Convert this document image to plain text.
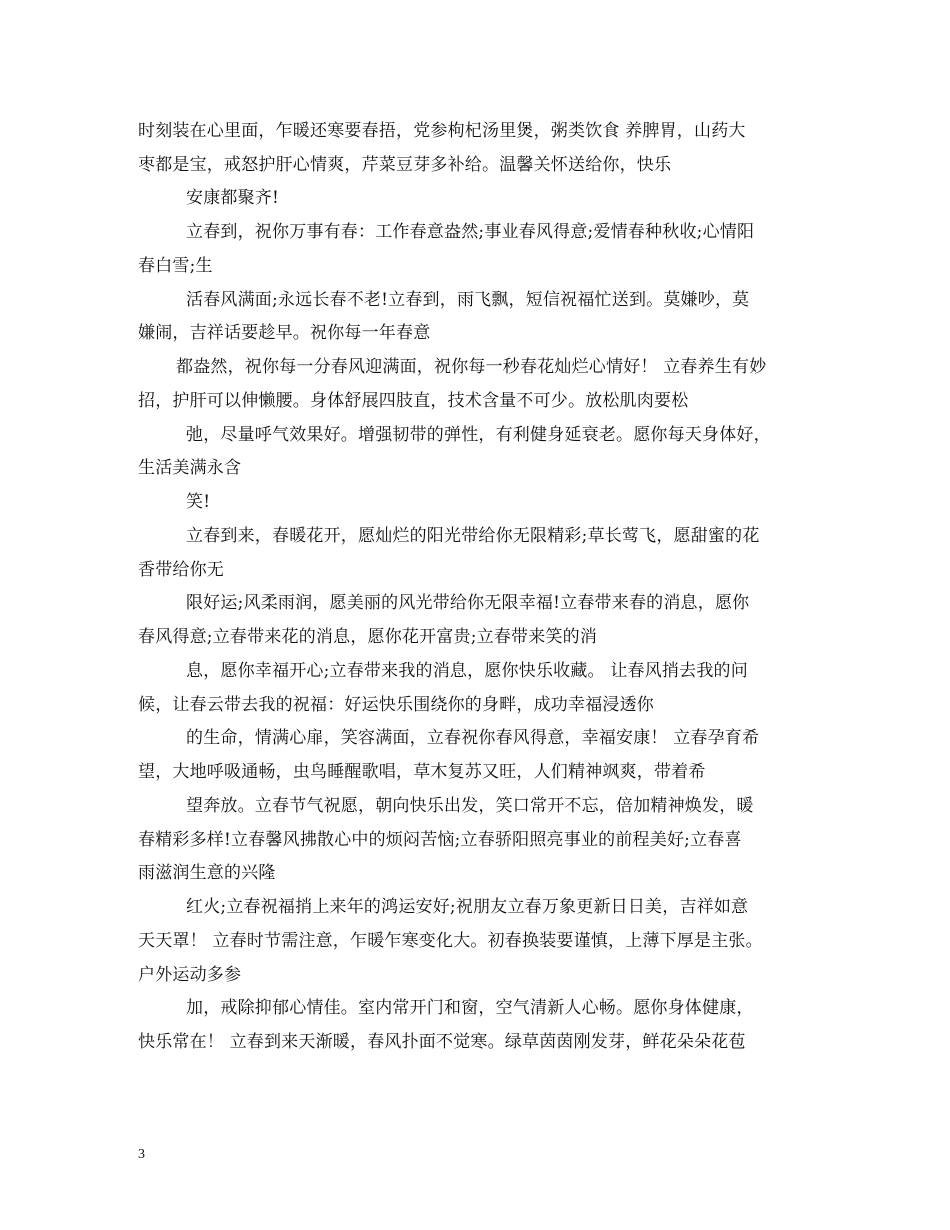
时刻装在心里面，乍暖还寒要春捂，党参枸杞汤里煲，粥类饮食 养脾胃，山药大
枣都是宝，戒怒护肝心情爽，芹菜豆芽多补给。温馨关怀送给你，快乐
安康都聚齐!
立春到，祝你万事有春：工作春意盎然;事业春风得意;爱情春种秋收;心情阳
春白雪;生
活春风满面;永远长春不老!立春到，雨飞飘，短信祝福忙送到。莫嫌吵，莫
嫌闹，吉祥话要趁早。祝你每一年春意
都盎然，祝你每一分春风迎满面，祝你每一秒春花灿烂心情好！ 立春养生有妙
招，护肝可以伸懒腰。身体舒展四肢直，技术含量不可少。放松肌肉要松
弛，尽量呼气效果好。增强韧带的弹性，有利健身延衰老。愿你每天身体好，
生活美满永含
笑!
立春到来，春暖花开，愿灿烂的阳光带给你无限精彩;草长莺飞，愿甜蜜的花
香带给你无
限好运;风柔雨润，愿美丽的风光带给你无限幸福!立春带来春的消息，愿你
春风得意;立春带来花的消息，愿你花开富贵;立春带来笑的消
息，愿你幸福开心;立春带来我的消息，愿你快乐收藏。 让春风捎去我的问
候，让春云带去我的祝福：好运快乐围绕你的身畔，成功幸福浸透你
的生命，情满心扉，笑容满面，立春祝你春风得意，幸福安康！ 立春孕育希
望，大地呼吸通畅，虫鸟睡醒歌唱，草木复苏又旺，人们精神飒爽，带着希
望奔放。立春节气祝愿，朝向快乐出发，笑口常开不忘，倍加精神焕发，暖
春精彩多样!立春馨风拂散心中的烦闷苦恼;立春骄阳照亮事业的前程美好;立春喜
雨滋润生意的兴隆
红火;立春祝福捎上来年的鸿运安好;祝朋友立春万象更新日日美，吉祥如意
天天罩！ 立春时节需注意，乍暖乍寒变化大。初春换装要谨慎，上薄下厚是主张。
户外运动多参
加，戒除抑郁心情佳。室内常开门和窗，空气清新人心畅。愿你身体健康，
快乐常在！ 立春到来天渐暖，春风扑面不觉寒。绿草茵茵刚发芽，鲜花朵朵花苞
3
